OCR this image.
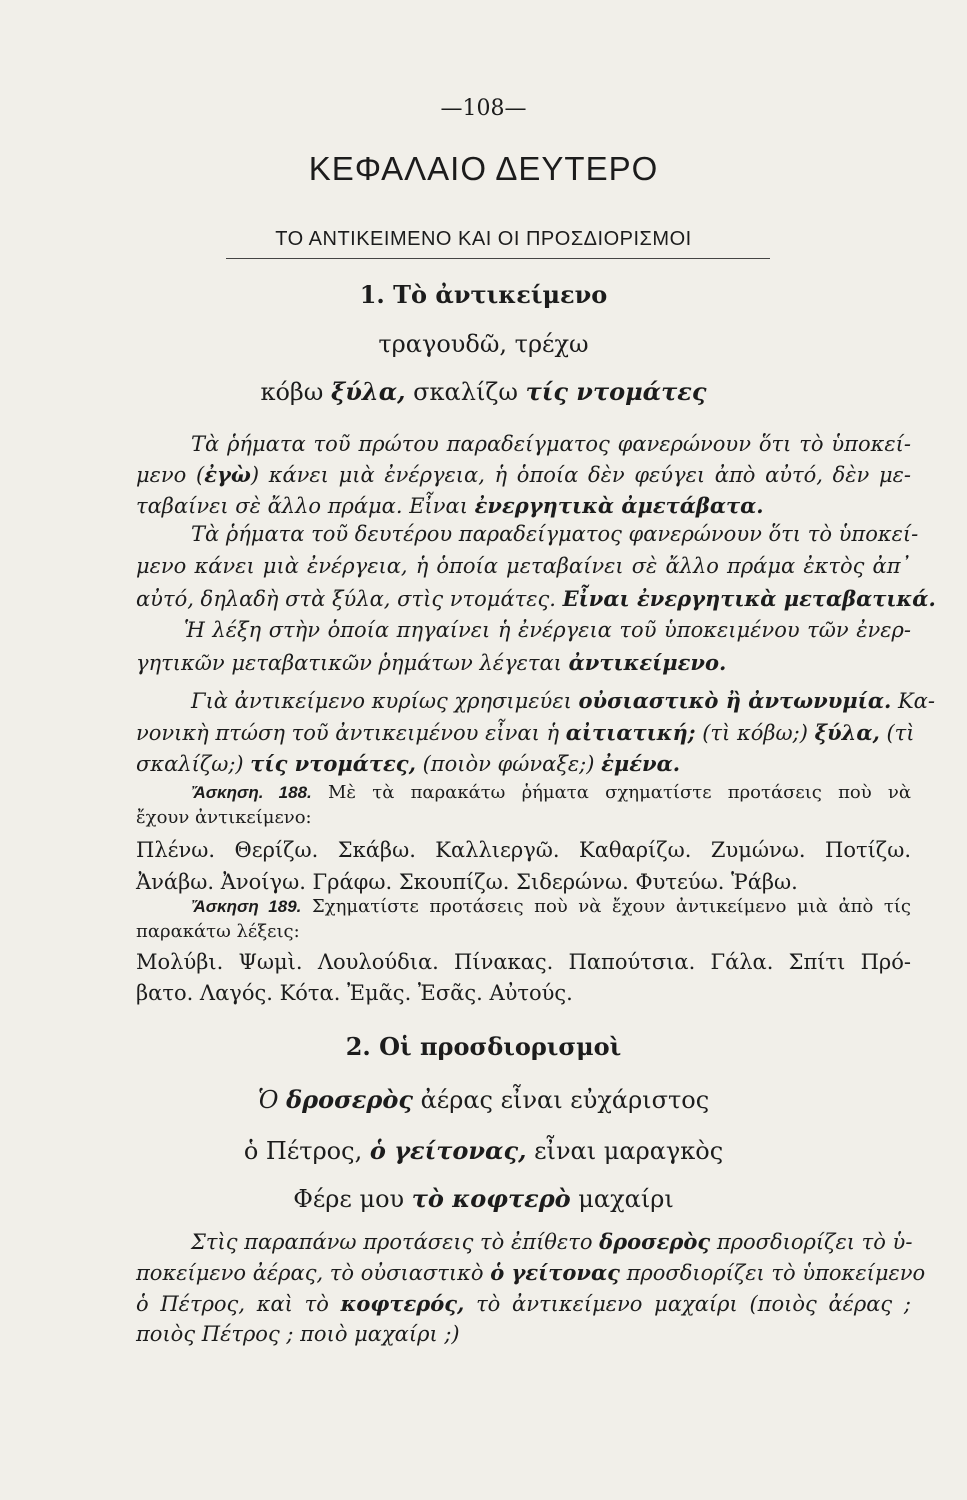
—108—
ΚΕΦΑΛΑΙΟ ΔΕΥΤΕΡΟ
ΤΟ ΑΝΤΙΚΕΙΜΕΝΟ ΚΑΙ ΟΙ ΠΡΟΣΔΙΟΡΙΣΜΟΙ
1. Τὸ ἀντικείμενο
τραγουδῶ, τρέχω
κόβω ξύλα, σκαλίζω τίς ντομάτες
Τὰ ῥήματα τοῦ πρώτου παραδείγματος φανερώνουν ὅτι τὸ ὑποκεί-
μενο (ἐγὼ) κάνει μιὰ ἐνέργεια, ἡ ὁποία δὲν φεύγει ἀπὸ αὐτό, δὲν με-
ταβαίνει σὲ ἄλλο πράμα. Εἶναι ἐνεργητικὰ ἀμετάβατα.
Τὰ ῥήματα τοῦ δευτέρου παραδείγματος φανερώνουν ὅτι τὸ ὑποκεί-
μενο κάνει μιὰ ἐνέργεια, ἡ ὁποία μεταβαίνει σὲ ἄλλο πράμα ἐκτὸς ἀπ᾿
αὐτό, δηλαδὴ στὰ ξύλα, στὶς ντομάτες. Εἶναι ἐνεργητικὰ μεταβατικά.
Ἡ λέξη στὴν ὁποία πηγαίνει ἡ ἐνέργεια τοῦ ὑποκειμένου τῶν ἐνερ-
γητικῶν μεταβατικῶν ῥημάτων λέγεται ἀντικείμενο.
Γιὰ ἀντικείμενο κυρίως χρησιμεύει οὐσιαστικὸ ἢ ἀντωνυμία. Κα-
νονικὴ πτώση τοῦ ἀντικειμένου εἶναι ἡ αἰτιατική; (τὶ κόβω;) ξύλα, (τὶ
σκαλίζω;) τίς ντομάτες, (ποιὸν φώναξε;) ἐμένα.
Ἄσκηση. 188. Μὲ τὰ παρακάτω ῥήματα σχηματίστε προτάσεις ποὺ νὰ
ἔχουν ἀντικείμενο:
Πλένω. Θερίζω. Σκάβω. Καλλιεργῶ. Καθαρίζω. Ζυμώνω. Ποτίζω.
Ἀνάβω. Ἀνοίγω. Γράφω. Σκουπίζω. Σιδερώνω. Φυτεύω. Ῥάβω.
Ἄσκηση 189. Σχηματίστε προτάσεις ποὺ νὰ ἔχουν ἀντικείμενο μιὰ ἀπὸ τίς
παρακάτω λέξεις:
Μολύβι. Ψωμὶ. Λουλούδια. Πίνακας. Παπούτσια. Γάλα. Σπίτι Πρό-
βατο. Λαγός. Κότα. Ἐμᾶς. Ἐσᾶς. Αὐτούς.
2. Οἱ προσδιορισμοὶ
Ὁ δροσερὸς ἀέρας εἶναι εὐχάριστος
ὁ Πέτρος, ὁ γείτονας, εἶναι μαραγκὸς
Φέρε μου τὸ κοφτερὸ μαχαίρι
Στὶς παραπάνω προτάσεις τὸ ἐπίθετο δροσερὸς προσδιορίζει τὸ ὑ-
ποκείμενο ἀέρας, τὸ οὐσιαστικὸ ὁ γείτονας προσδιορίζει τὸ ὑποκείμενο
ὁ Πέτρος, καὶ τὸ κοφτερός, τὸ ἀντικείμενο μαχαίρι (ποιὸς ἀέρας ;
ποιὸς Πέτρος ; ποιὸ μαχαίρι ;)
